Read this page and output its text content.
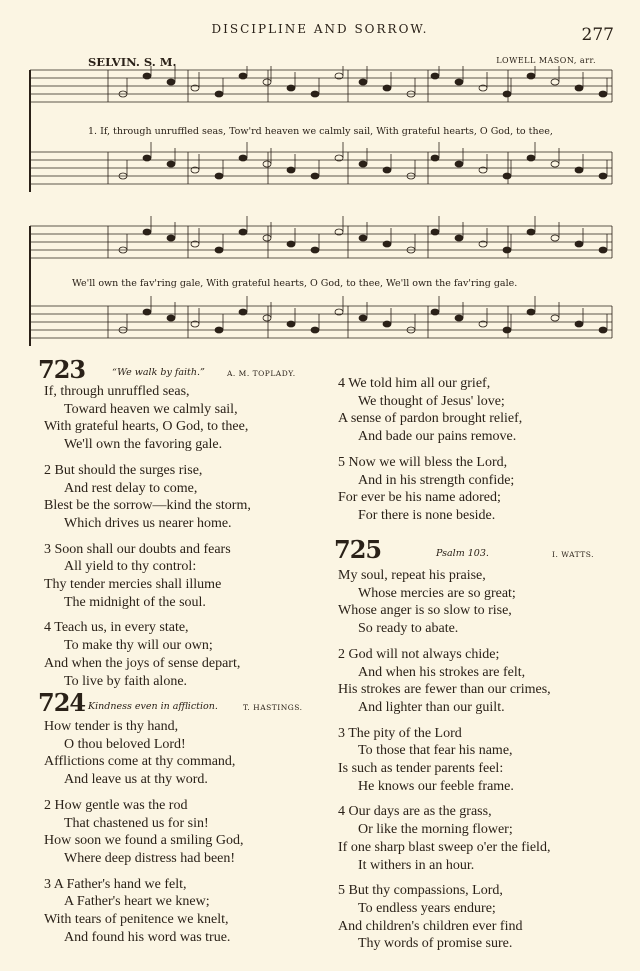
DISCIPLINE AND SORROW.	277
SELVIN. S. M.	LOWELL MASON, arr.
1. If, through unruffled seas, Tow'rd heaven we calmly sail, With grateful hearts, O God, to thee,
We'll own the fav'ring gale, With grateful hearts, O God, to thee, We'll own the fav'ring gale.
723	“We walk by faith.”	A. M. TOPLADY.
If, through unruffled seas,
Toward heaven we calmly sail,
With grateful hearts, O God, to thee,
We'll own the favoring gale.
2 But should the surges rise,
And rest delay to come,
Blest be the sorrow—kind the storm,
Which drives us nearer home.
3 Soon shall our doubts and fears
All yield to thy control:
Thy tender mercies shall illume
The midnight of the soul.
4 Teach us, in every state,
To make thy will our own;
And when the joys of sense depart,
To live by faith alone.
724 Kindness even in affliction.	T. HASTINGS.
How tender is thy hand,
O thou beloved Lord!
Afflictions come at thy command,
And leave us at thy word.
2 How gentle was the rod
That chastened us for sin!
How soon we found a smiling God,
Where deep distress had been!
3 A Father's hand we felt,
A Father's heart we knew;
With tears of penitence we knelt,
And found his word was true.
4 We told him all our grief,
We thought of Jesus' love;
A sense of pardon brought relief,
And bade our pains remove.
5 Now we will bless the Lord,
And in his strength confide;
For ever be his name adored;
For there is none beside.
725	Psalm 103.	I. WATTS.
My soul, repeat his praise,
Whose mercies are so great;
Whose anger is so slow to rise,
So ready to abate.
2 God will not always chide;
And when his strokes are felt,
His strokes are fewer than our crimes,
And lighter than our guilt.
3 The pity of the Lord
To those that fear his name,
Is such as tender parents feel:
He knows our feeble frame.
4 Our days are as the grass,
Or like the morning flower;
If one sharp blast sweep o'er the field,
It withers in an hour.
5 But thy compassions, Lord,
To endless years endure;
And children's children ever find
Thy words of promise sure.
